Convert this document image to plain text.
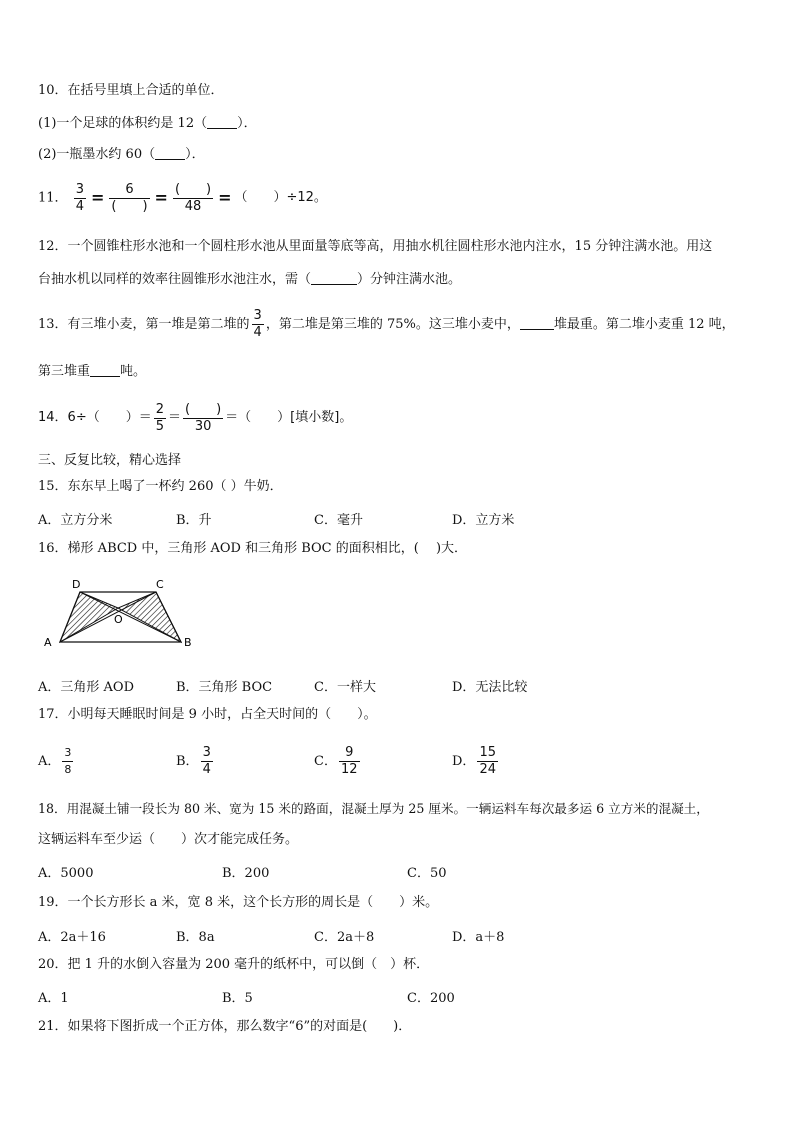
10．在括号里填上合适的单位．
(1)一个足球的体积约是 12（ ）．
(2)一瓶墨水约 60（ ）．
11． $\frac{3}{4} = \frac{6}{( )} = \frac{( )}{48}$ = （　　）÷12。
12．一个圆锥柱形水池和一个圆柱形水池从里面量等底等高，用抽水机往圆柱形水池内注水，15 分钟注满水池。用这
台抽水机以同样的效率往圆锥形水池注水，需（	）分钟注满水池。
13．有三堆小麦，第一堆是第二堆的 $\frac{3}{4}$ ，第二堆是第三堆的 75%。这三堆小麦中，	堆最重。第二堆小麦重 12 吨，
第三堆重 吨。
14．6÷（　　）＝ $\frac{2}{5} = \frac{( )}{30}$ ＝（　　）[填小数]。
三、反复比较，精心选择
15．东东早上喝了一杯约 260（ ）牛奶．
A．立方分米	B．升	C．毫升	D．立方米
16．梯形 ABCD 中，三角形 AOD 和三角形 BOC 的面积相比，(　 )大．
D	C
O
A	B
A．三角形 AOD	B．三角形 BOC	C．一样大	D．无法比较
17．小明每天睡眠时间是 9 小时，占全天时间的（　　）。
A． $\frac{3}{8}$	B． $\frac{3}{4}$	C． $\frac{9}{12}$	D． $\frac{15}{24}$
18．用混凝土铺一段长为 80 米、宽为 15 米的路面，混凝土厚为 25 厘米。一辆运料车每次最多运 6 立方米的混凝土，
这辆运料车至少运（　　）次才能完成任务。
A．5000	B．200	C．50
19．一个长方形长 a 米，宽 8 米，这个长方形的周长是（　　）米。
A．2a＋16	B．8a	C．2a＋8	D．a＋8
20．把 1 升的水倒入容量为 200 毫升的纸杯中，可以倒（　）杯．
A．1	B．5	C．200
21．如果将下图折成一个正方体，那么数字“6”的对面是(　　)．
